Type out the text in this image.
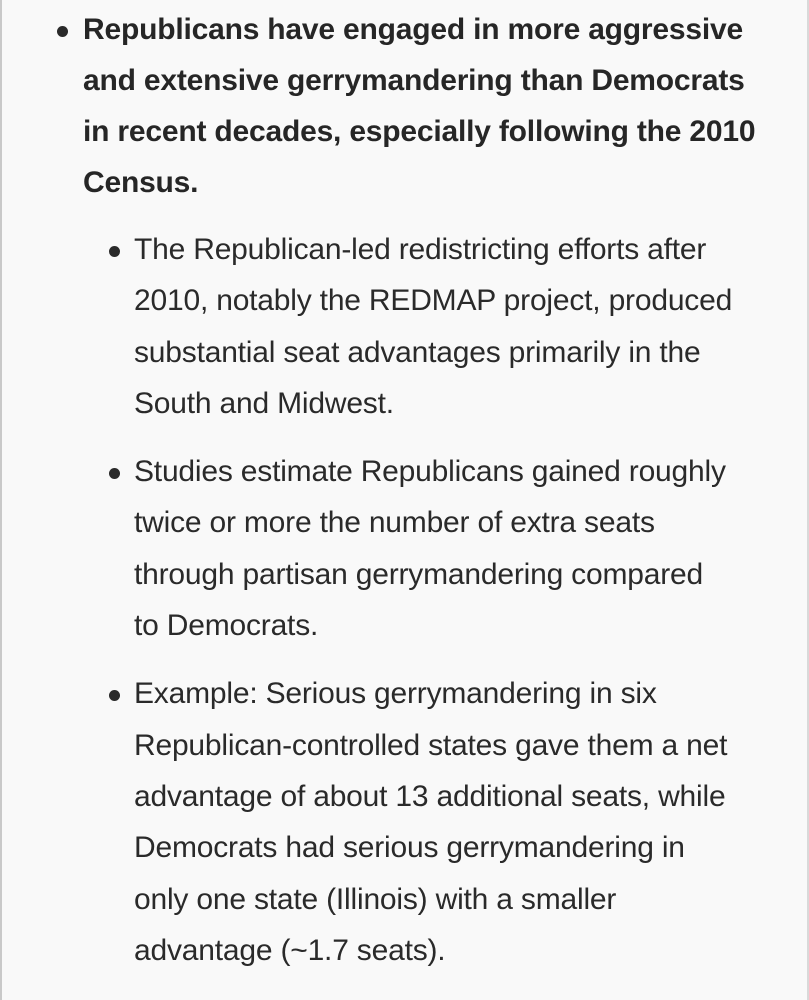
Republicans have engaged in more aggressive
and extensive gerrymandering than Democrats
in recent decades, especially following the 2010
Census.
The Republican-led redistricting efforts after
2010, notably the REDMAP project, produced
substantial seat advantages primarily in the
South and Midwest.
Studies estimate Republicans gained roughly
twice or more the number of extra seats
through partisan gerrymandering compared
to Democrats.
Example: Serious gerrymandering in six
Republican-controlled states gave them a net
advantage of about 13 additional seats, while
Democrats had serious gerrymandering in
only one state (Illinois) with a smaller
advantage (~1.7 seats).
